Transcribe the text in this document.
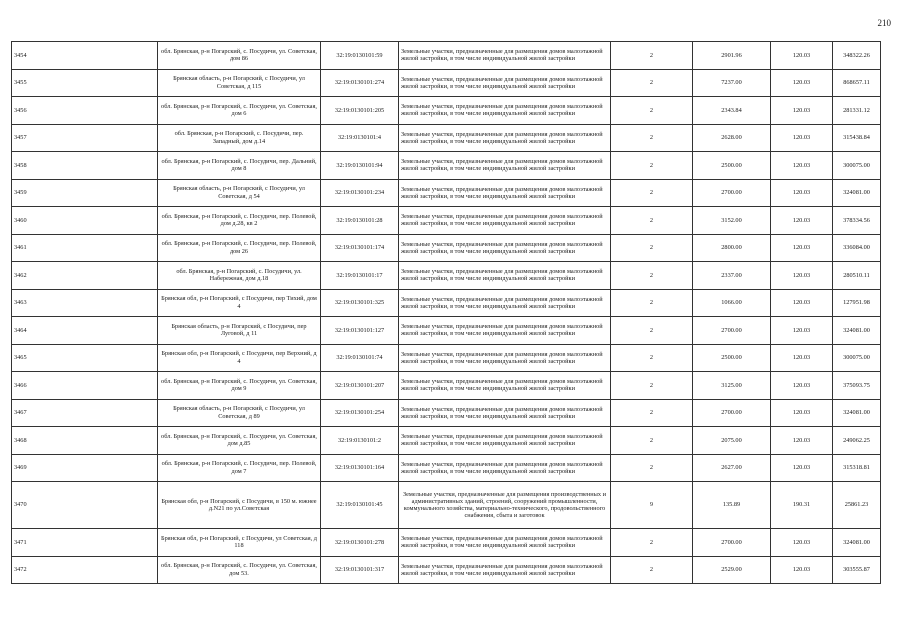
210
3454	обл. Брянская, р-н Погарский, с. Посудичи, ул. Советская, дом 86	32:19:0130101:59	Земельные участки, предназначенные для размещения домов малоэтажной жилой застройки, в том числе индивидуальной жилой застройки	2	2901.96	120.03	348322.26
3455	Брянская область, р-н Погарский, с Посудичи, ул Советская, д 115	32:19:0130101:274	Земельные участки, предназначенные для размещения домов малоэтажной жилой застройки, в том числе индивидуальной жилой застройки	2	7237.00	120.03	868657.11
3456	обл. Брянская, р-н Погарский, с. Посудичи, ул. Советская, дом 6	32:19:0130101:205	Земельные участки, предназначенные для размещения домов малоэтажной жилой застройки, в том числе индивидуальной жилой застройки	2	2343.84	120.03	281331.12
3457	обл. Брянская, р-н Погарский, с. Посудичи, пер. Западный, дом д.14	32:19:0130101:4	Земельные участки, предназначенные для размещения домов малоэтажной жилой застройки, в том числе индивидуальной жилой застройки	2	2628.00	120.03	315438.84
3458	обл. Брянская, р-н Погарский, с. Посудичи, пер. Дальний, дом 8	32:19:0130101:94	Земельные участки, предназначенные для размещения домов малоэтажной жилой застройки, в том числе индивидуальной жилой застройки	2	2500.00	120.03	300075.00
3459	Брянская область, р-н Погарский, с Посудичи, ул Советская, д 54	32:19:0130101:234	Земельные участки, предназначенные для размещения домов малоэтажной жилой застройки, в том числе индивидуальной жилой застройки	2	2700.00	120.03	324081.00
3460	обл. Брянская, р-н Погарский, с. Посудичи, пер. Полевой, дом д.28, кв 2	32:19:0130101:28	Земельные участки, предназначенные для размещения домов малоэтажной жилой застройки, в том числе индивидуальной жилой застройки	2	3152.00	120.03	378334.56
3461	обл. Брянская, р-н Погарский, с. Посудичи, пер. Полевой, дом 26	32:19:0130101:174	Земельные участки, предназначенные для размещения домов малоэтажной жилой застройки, в том числе индивидуальной жилой застройки	2	2800.00	120.03	336084.00
3462	обл. Брянская, р-н Погарский, с. Посудичи, ул. Набережная, дом д.18	32:19:0130101:17	Земельные участки, предназначенные для размещения домов малоэтажной жилой застройки, в том числе индивидуальной жилой застройки	2	2337.00	120.03	280510.11
3463	Брянская обл, р-н Погарский, с Посудичи, пер Тихий, дом 4	32:19:0130101:325	Земельные участки, предназначенные для размещения домов малоэтажной жилой застройки, в том числе индивидуальной жилой застройки	2	1066.00	120.03	127951.98
3464	Брянская область, р-н Погарский, с Посудичи, пер Луговой, д 11	32:19:0130101:127	Земельные участки, предназначенные для размещения домов малоэтажной жилой застройки, в том числе индивидуальной жилой застройки	2	2700.00	120.03	324081.00
3465	Брянская обл, р-н Погарский, с Посудичи, пер Верхний, д 4	32:19:0130101:74	Земельные участки, предназначенные для размещения домов малоэтажной жилой застройки, в том числе индивидуальной жилой застройки	2	2500.00	120.03	300075.00
3466	обл. Брянская, р-н Погарский, с. Посудичи, ул. Советская, дом 9	32:19:0130101:207	Земельные участки, предназначенные для размещения домов малоэтажной жилой застройки, в том числе индивидуальной жилой застройки	2	3125.00	120.03	375093.75
3467	Брянская область, р-н Погарский, с Посудичи, ул Советская, д 89	32:19:0130101:254	Земельные участки, предназначенные для размещения домов малоэтажной жилой застройки, в том числе индивидуальной жилой застройки	2	2700.00	120.03	324081.00
3468	обл. Брянская, р-н Погарский, с. Посудичи, ул. Советская, дом д.85	32:19:0130101:2	Земельные участки, предназначенные для размещения домов малоэтажной жилой застройки, в том числе индивидуальной жилой застройки	2	2075.00	120.03	249062.25
3469	обл. Брянская, р-н Погарский, с. Посудичи, пер. Полевой, дом 7	32:19:0130101:164	Земельные участки, предназначенные для размещения домов малоэтажной жилой застройки, в том числе индивидуальной жилой застройки	2	2627.00	120.03	315318.81
3470	Брянская обл, р-н Погарский, с Посудичи, в 150 м. южнее д.N21 по ул.Советская	32:19:0130101:45	Земельные участки, предназначенные для размещения производственных и административных зданий, строений, сооружений промышленности, коммунального хозяйства, материально-технического, продовольственного снабжения, сбыта и заготовок	9	135.89	190.31	25861.23
3471	Брянская обл, р-н Погарский, с Посудичи, ул Советская, д 118	32:19:0130101:278	Земельные участки, предназначенные для размещения домов малоэтажной жилой застройки, в том числе индивидуальной жилой застройки	2	2700.00	120.03	324081.00
3472	обл. Брянская, р-н Погарский, с. Посудичи, ул. Советская, дом 53.	32:19:0130101:317	Земельные участки, предназначенные для размещения домов малоэтажной жилой застройки, в том числе индивидуальной жилой застройки	2	2529.00	120.03	303555.87
